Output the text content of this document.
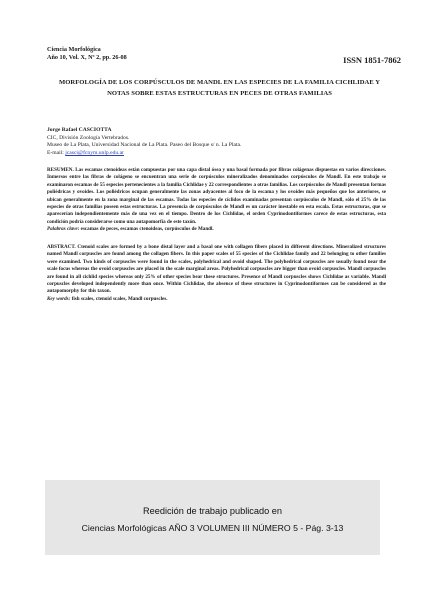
Ciencia Morfológica
Año 10, Vol. X, Nº 2, pp. 26-08	ISSN 1851-7862
MORFOLOGÍA DE LOS CORPÚSCULOS DE MANDL EN LAS ESPECIES DE LA FAMILIA CICHLIDAE Y NOTAS SOBRE ESTAS ESTRUCTURAS EN PECES DE OTRAS FAMILIAS
Jorge Rafael CASCIOTTA
CIC, División Zoología Vertebrados.
Museo de La Plata, Universidad Nacional de La Plata. Paseo del Bosque s/ n. La Plata.
E-mail: jcasci@fcnym.unlp.edu.ar
RESUMEN. Las escamas ctenoideas están compuestas por una capa distal ósea y una basal formada por fibras colágenas dispuestas en varios direcciones. Inmersos entre las fibras de colágeno se encuentran una serie de corpúsculos mineralizados denominados corpúsculos de Mandl. En este trabajo se examinaron escamas de 55 especies pertenecientes a la familia Cichlidae y 22 correspondientes a otras familias. Los corpúsculos de Mandl presentan formas poliédricas y ovoides. Los poliédricos ocupan generalmente las zonas adyacentes al foco de la escama y los ovoides más pequeños que los anteriores, se ubican generalmente en la zona marginal de las escamas. Todas las especies de cíclidos examinadas presentan corpúsculos de Mandl, sólo el 25% de las especies de otras familias poseen estas estructuras. La presencia de corpúsculos de Mandl es un carácter inestable en esta escala. Estas estructuras, que se aparecerían independientemente más de una vez en el tiempo. Dentro de los Cichlidae, el orden Cyprinodontiformes carece de estas estructuras, esta condición podría considerarse como una autapomorfía de este taxón.
Palabras clave: escamas de peces, escamas ctenoideas, corpúsculos de Mandl.
ABSTRACT. Ctenoid scales are formed by a bone distal layer and a basal one with collagen fibers placed in different directions. Mineralized structures named Mandl corpuscles are found among the collagen fibers. In this paper scales of 55 species of the Cichlidae family and 22 belonging to other families were examined. Two kinds of corpuscles were found in the scales, polyhedrical and ovoid shaped. The polyhedrical corpuscles are usually found near the scale focus whereas the ovoid corpuscles are placed in the scale marginal areas. Polyhedrical corpuscles are bigger than ovoid corpuscles. Mandl corpuscles are found in all cichlid species whereas only 25% of other species bear these structures. Presence of Mandl corpuscles shows Cichlidae as variable. Mandl corpuscles developed independently more than once. Within Cichlidae, the absence of these structures in Cyprinodontiformes can be considered as the autapomorphy for this taxon.
Key words: fish scales, ctenoid scales, Mandl corpuscles.
Reedición de trabajo publicado en
Ciencias Morfológicas AÑO 3 VOLUMEN III NÚMERO 5 - Pág. 3-13
